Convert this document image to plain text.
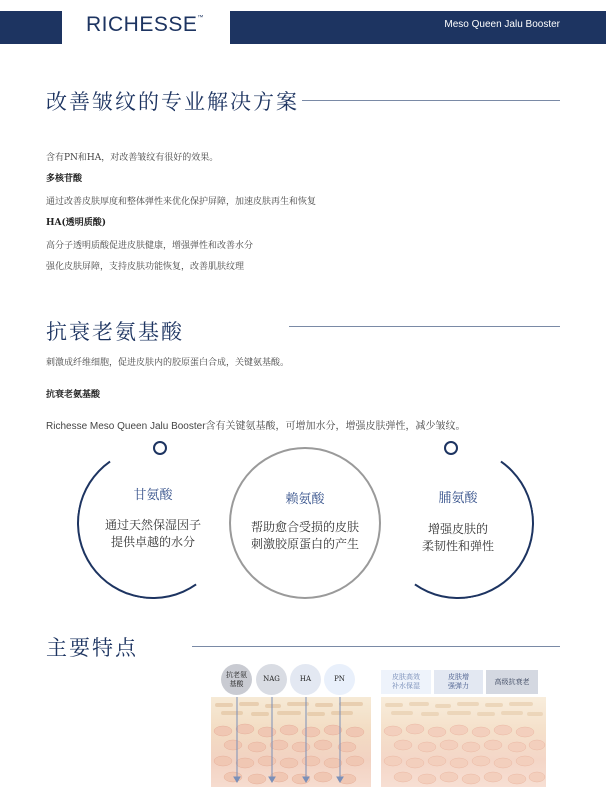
RICHESSE™
Meso Queen Jalu Booster
改善皱纹的专业解决方案
含有PN和HA，对改善皱纹有很好的效果。
多核苷酸
通过改善皮肤厚度和整体弹性来优化保护屏障，加速皮肤再生和恢复
HA(透明质酸)
高分子透明质酸促进皮肤健康，增强弹性和改善水分
强化皮肤屏障，支持皮肤功能恢复，改善肌肤纹理
抗衰老氨基酸
刺激成纤维细胞，促进皮肤内的胶原蛋白合成，关键氨基酸。
抗衰老氨基酸
Richesse Meso Queen Jalu Booster含有关键氨基酸，可增加水分，增强皮肤弹性，减少皱纹。
甘氨酸
通过天然保湿因子
提供卓越的水分
赖氨酸
帮助愈合受损的皮肤
刺激胶原蛋白的产生
脯氨酸
增强皮肤的
柔韧性和弹性
主要特点
抗老氨
基酸
NAG	HA	PN	皮肤高效
补水保湿
皮肤增
强弹力
高级抗衰老
